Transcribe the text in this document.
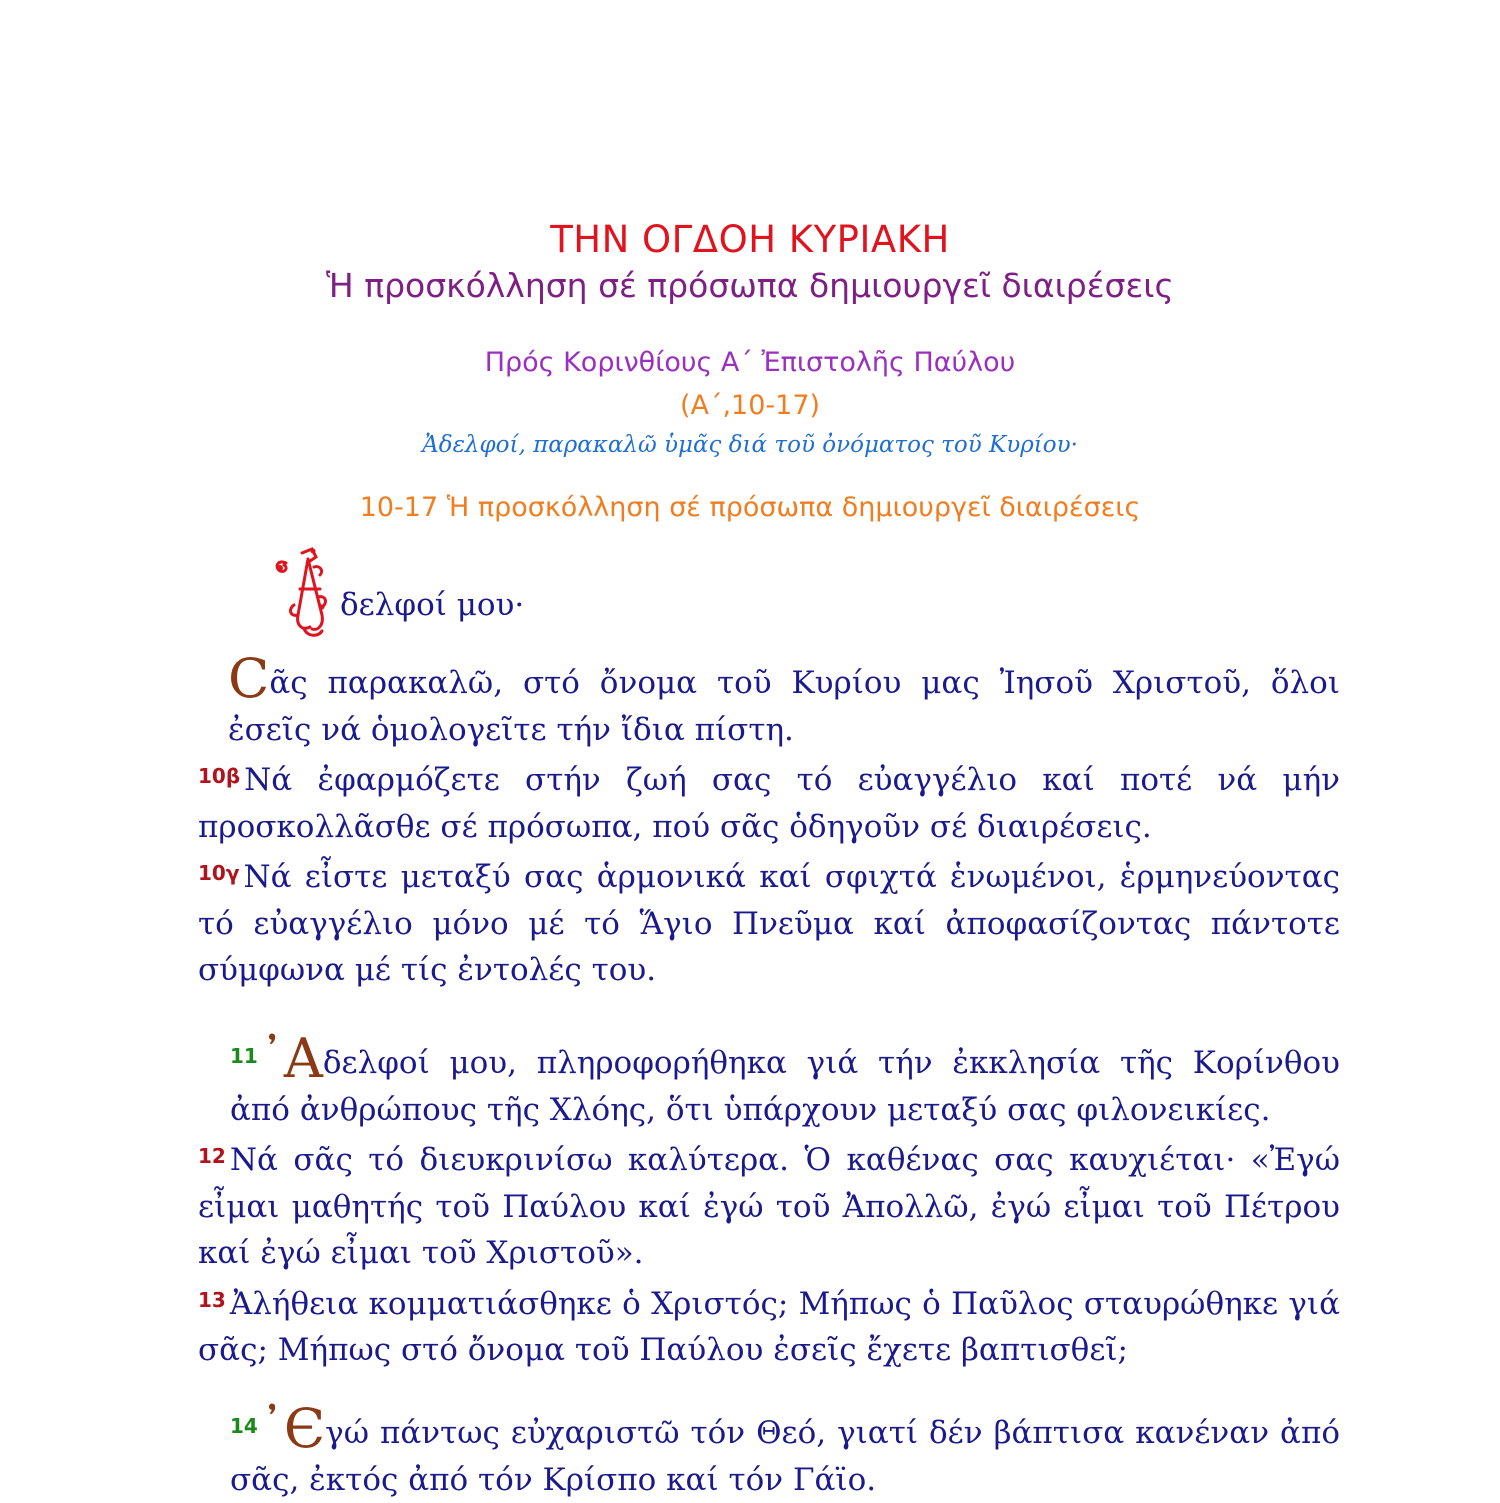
ΤΗΝ ΟΓΔΟΗ ΚΥΡΙΑΚΗ
Ἡ προσκόλληση σέ πρόσωπα δημιουργεῖ διαιρέσεις
Πρός Κορινθίους Α΄ Ἐπιστολῆς Παύλου
(Α΄,10-17)
Ἀδελφοί, παρακαλῶ ὑμᾶς διά τοῦ ὀνόματος τοῦ Κυρίου·
10-17 Ἡ προσκόλληση σέ πρόσωπα δημιουργεῖ διαιρέσεις
δελφοί μου·

Cᾶς παρακαλῶ, στό ὄνομα τοῦ Κυρίου μας Ἰησοῦ Χριστοῦ, ὅλοι ἐσεῖς νά ὁμολογεῖτε τήν ἴδια πίστη.

$^{10\beta}$ Νά ἐφαρμόζετε στήν ζωή σας τό εὐαγγέλιο καί ποτέ νά μήν προσκολλᾶσθε σέ πρόσωπα, πού σᾶς ὁδηγοῦν σέ διαιρέσεις.

$^{10\gamma}$ Νά εἶστε μεταξύ σας ἁρμονικά καί σφιχτά ἑνωμένοι, ἑρμηνεύοντας τό εὐαγγέλιο μόνο μέ τό Ἅγιο Πνεῦμα καί ἀποφασίζοντας πάντοτε σύμφωνα μέ τίς ἐντολές του.

$^{11}$᾿Aδελφοί μου, πληροφορήθηκα γιά τήν ἐκκλησία τῆς Κορίνθου ἀπό ἀνθρώπους τῆς Χλόης, ὅτι ὑπάρχουν μεταξύ σας φιλονεικίες.

$^{12}$ Νά σᾶς τό διευκρινίσω καλύτερα. Ὁ καθένας σας καυχιέται· «Ἐγώ εἶμαι μαθητής τοῦ Παύλου καί ἐγώ τοῦ Ἀπολλῶ, ἐγώ εἶμαι τοῦ Πέτρου καί ἐγώ εἶμαι τοῦ Χριστοῦ».

$^{13}$ Ἀλήθεια κομματιάσθηκε ὁ Χριστός; Μήπως ὁ Παῦλος σταυρώθηκε γιά σᾶς; Μήπως στό ὄνομα τοῦ Παύλου ἐσεῖς ἔχετε βαπτισθεῖ;

$^{14}$᾿Єγώ πάντως εὐχαριστῶ τόν Θεό, γιατί δέν βάπτισα κανέναν ἀπό σᾶς, ἐκτός ἀπό τόν Κρίσπο καί τόν Γάϊο.
